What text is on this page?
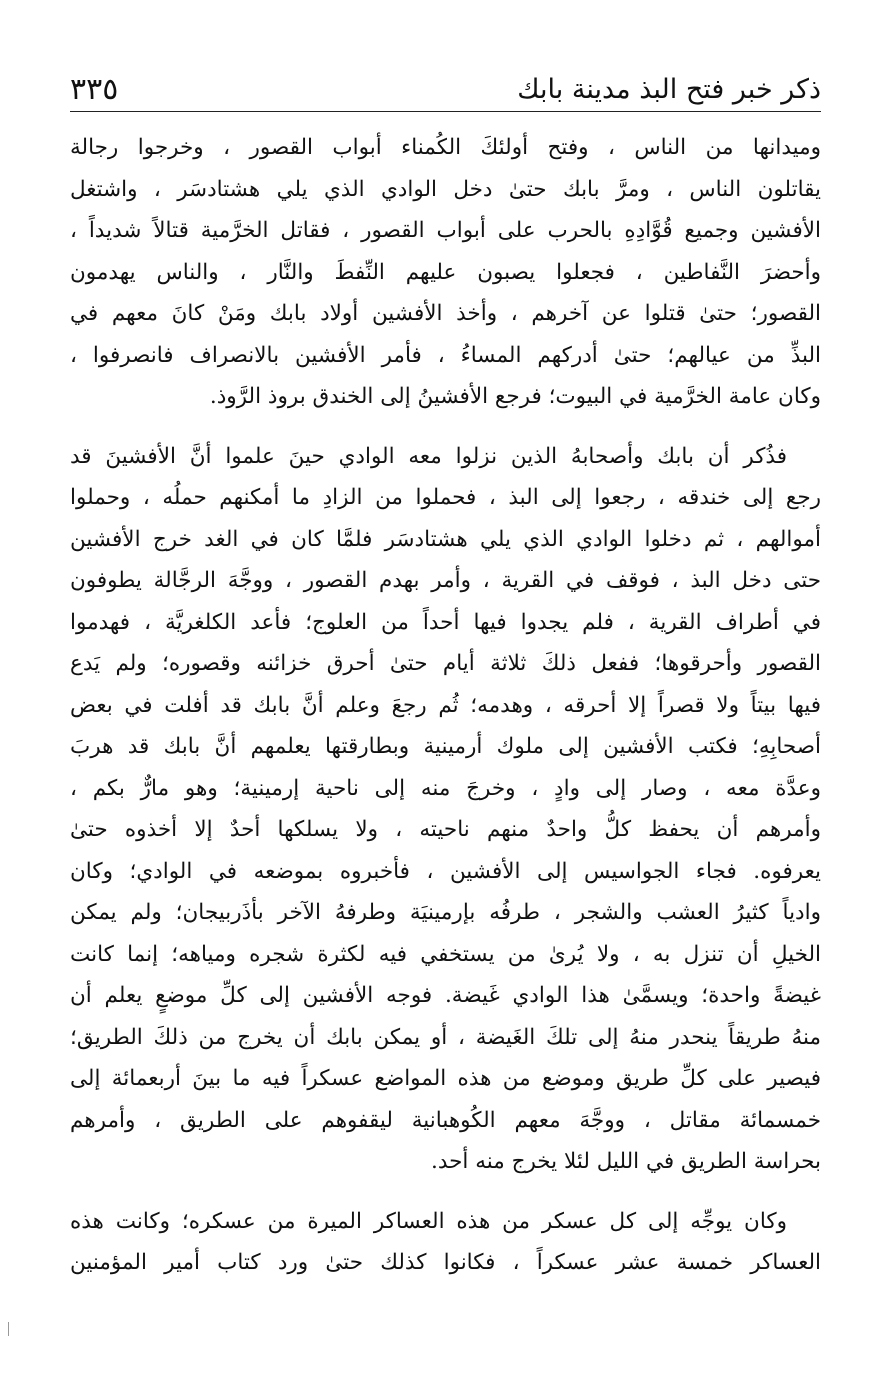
ذكر خبر فتح البذ مدينة بابك
٣٣٥

وميدانها من الناس ، وفتح أولئكَ الكُمناء أبواب القصور ، وخرجوا رجالة
يقاتلون الناس ، ومرَّ بابك حتىٰ دخل الوادي الذي يلي هشتادسَر ، واشتغل
الأفشين وجميع قُوَّادِهِ بالحرب على أبواب القصور ، فقاتل الخرَّمية قتالاً شديداً ،
وأحضرَ النَّفاطين ، فجعلوا يصبون عليهم النِّفطَ والنَّار ، والناس يهدمون
القصور؛ حتىٰ قتلوا عن آخرهم ، وأخذ الأفشين أولاد بابك ومَنْ كانَ معهم في
البذِّ من عيالهم؛ حتىٰ أدركهم المساءُ ، فأمر الأفشين بالانصراف فانصرفوا ،
وكان عامة الخرَّمية في البيوت؛ فرجع الأفشينُ إلى الخندق بروذ الرَّوذ.

فذُكر أن بابك وأصحابهُ الذين نزلوا معه الوادي حينَ علموا أنَّ الأفشينَ قد
رجع إلى خندقه ، رجعوا إلى البذ ، فحملوا من الزادِ ما أمكنهم حملُه ، وحملوا
أموالهم ، ثم دخلوا الوادي الذي يلي هشتادسَر فلمَّا كان في الغد خرج الأفشين
حتى دخل البذ ، فوقف في القرية ، وأمر بهدم القصور ، ووجَّهَ الرجَّالة يطوفون
في أطراف القرية ، فلم يجدوا فيها أحداً من العلوج؛ فأعد الكلغريَّة ، فهدموا
القصور وأحرقوها؛ ففعل ذلكَ ثلاثة أيام حتىٰ أحرق خزائنه وقصوره؛ ولم يَدع
فيها بيتاً ولا قصراً إلا أحرقه ، وهدمه؛ ثُم رجعَ وعلم أنَّ بابك قد أفلت في بعض
أصحابِهِ؛ فكتب الأفشين إلى ملوك أرمينية وبطارقتها يعلمهم أنَّ بابك قد هربَ
وعدَّة معه ، وصار إلى وادٍ ، وخرجَ منه إلى ناحية إرمينية؛ وهو مارٌّ بكم ،
وأمرهم أن يحفظ كلُّ واحدٌ منهم ناحيته ، ولا يسلكها أحدٌ إلا أخذوه حتىٰ
يعرفوه. فجاء الجواسيس إلى الأفشين ، فأخبروه بموضعه في الوادي؛ وكان
وادياً كثيرُ العشب والشجر ، طرفُه بإرمينيَة وطرفهُ الآخر بأذَربيجان؛ ولم يمكن
الخيلِ أن تنزل به ، ولا يُرىٰ من يستخفي فيه لكثرة شجره ومياهه؛ إنما كانت
غيضةً واحدة؛ ويسمَّىٰ هذا الوادي غَيضة. فوجه الأفشين إلى كلِّ موضعٍ يعلم أن
منهُ طريقاً ينحدر منهُ إلى تلكَ الغَيضة ، أو يمكن بابك أن يخرج من ذلكَ الطريق؛
فيصير على كلِّ طريق وموضع من هذه المواضع عسكراً فيه ما بينَ أربعمائة إلى
خمسمائة مقاتل ، ووجَّهَ معهم الكُوهبانية ليقفوهم على الطريق ، وأمرهم
بحراسة الطريق في الليل لئلا يخرج منه أحد.

وكان يوجِّه إلى كل عسكر من هذه العساكر الميرة من عسكره؛ وكانت هذه
العساكر خمسة عشر عسكراً ، فكانوا كذلك حتىٰ ورد كتاب أمير المؤمنين
